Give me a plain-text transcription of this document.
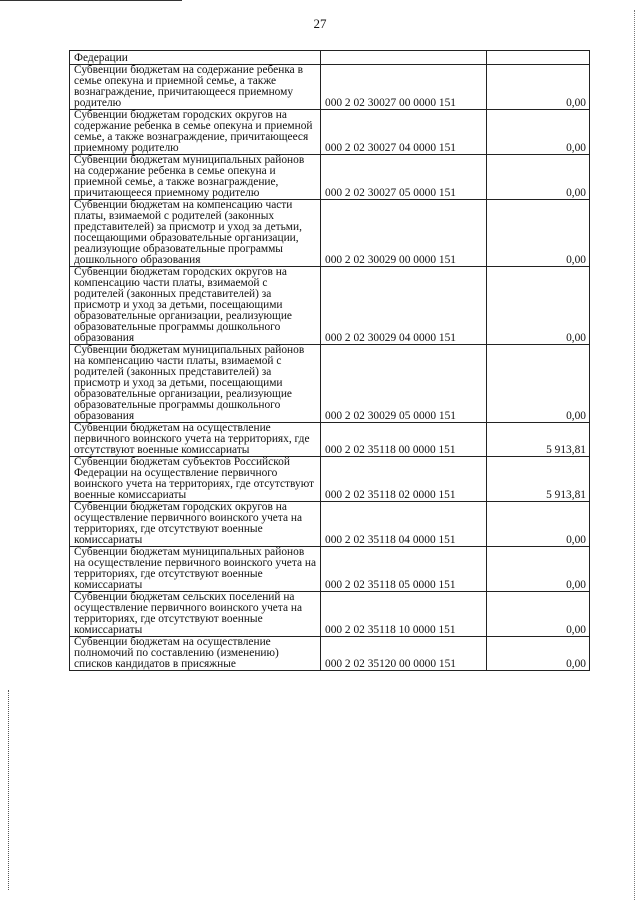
27
Федерации		
Субвенции бюджетам на содержание ребенка в семье опекуна и приемной семье, а также вознаграждение, причитающееся приемному родителю	000 2 02 30027 00 0000 151	0,00
Субвенции бюджетам городских округов на содержание ребенка в семье опекуна и приемной семье, а также вознаграждение, причитающееся приемному родителю	000 2 02 30027 04 0000 151	0,00
Субвенции бюджетам муниципальных районов на содержание ребенка в семье опекуна и приемной семье, а также вознаграждение, причитающееся приемному родителю	000 2 02 30027 05 0000 151	0,00
Субвенции бюджетам на компенсацию части платы, взимаемой с родителей (законных представителей) за присмотр и уход за детьми, посещающими образовательные организации, реализующие образовательные программы дошкольного образования	000 2 02 30029 00 0000 151	0,00
Субвенции бюджетам городских округов на компенсацию части платы, взимаемой с родителей (законных представителей) за присмотр и уход за детьми, посещающими образовательные организации, реализующие образовательные программы дошкольного образования	000 2 02 30029 04 0000 151	0,00
Субвенции бюджетам муниципальных районов на компенсацию части платы, взимаемой с родителей (законных представителей) за присмотр и уход за детьми, посещающими образовательные организации, реализующие образовательные программы дошкольного образования	000 2 02 30029 05 0000 151	0,00
Субвенции бюджетам на осуществление первичного воинского учета на территориях, где отсутствуют военные комиссариаты	000 2 02 35118 00 0000 151	5 913,81
Субвенции бюджетам субъектов Российской Федерации на осуществление первичного воинского учета на территориях, где отсутствуют военные комиссариаты	000 2 02 35118 02 0000 151	5 913,81
Субвенции бюджетам городских округов на осуществление первичного воинского учета на территориях, где отсутствуют военные комиссариаты	000 2 02 35118 04 0000 151	0,00
Субвенции бюджетам муниципальных районов на осуществление первичного воинского учета на территориях, где отсутствуют военные комиссариаты	000 2 02 35118 05 0000 151	0,00
Субвенции бюджетам сельских поселений на осуществление первичного воинского учета на территориях, где отсутствуют военные комиссариаты	000 2 02 35118 10 0000 151	0,00
Субвенции бюджетам на осуществление полномочий по составлению (изменению) списков кандидатов в присяжные	000 2 02 35120 00 0000 151	0,00
